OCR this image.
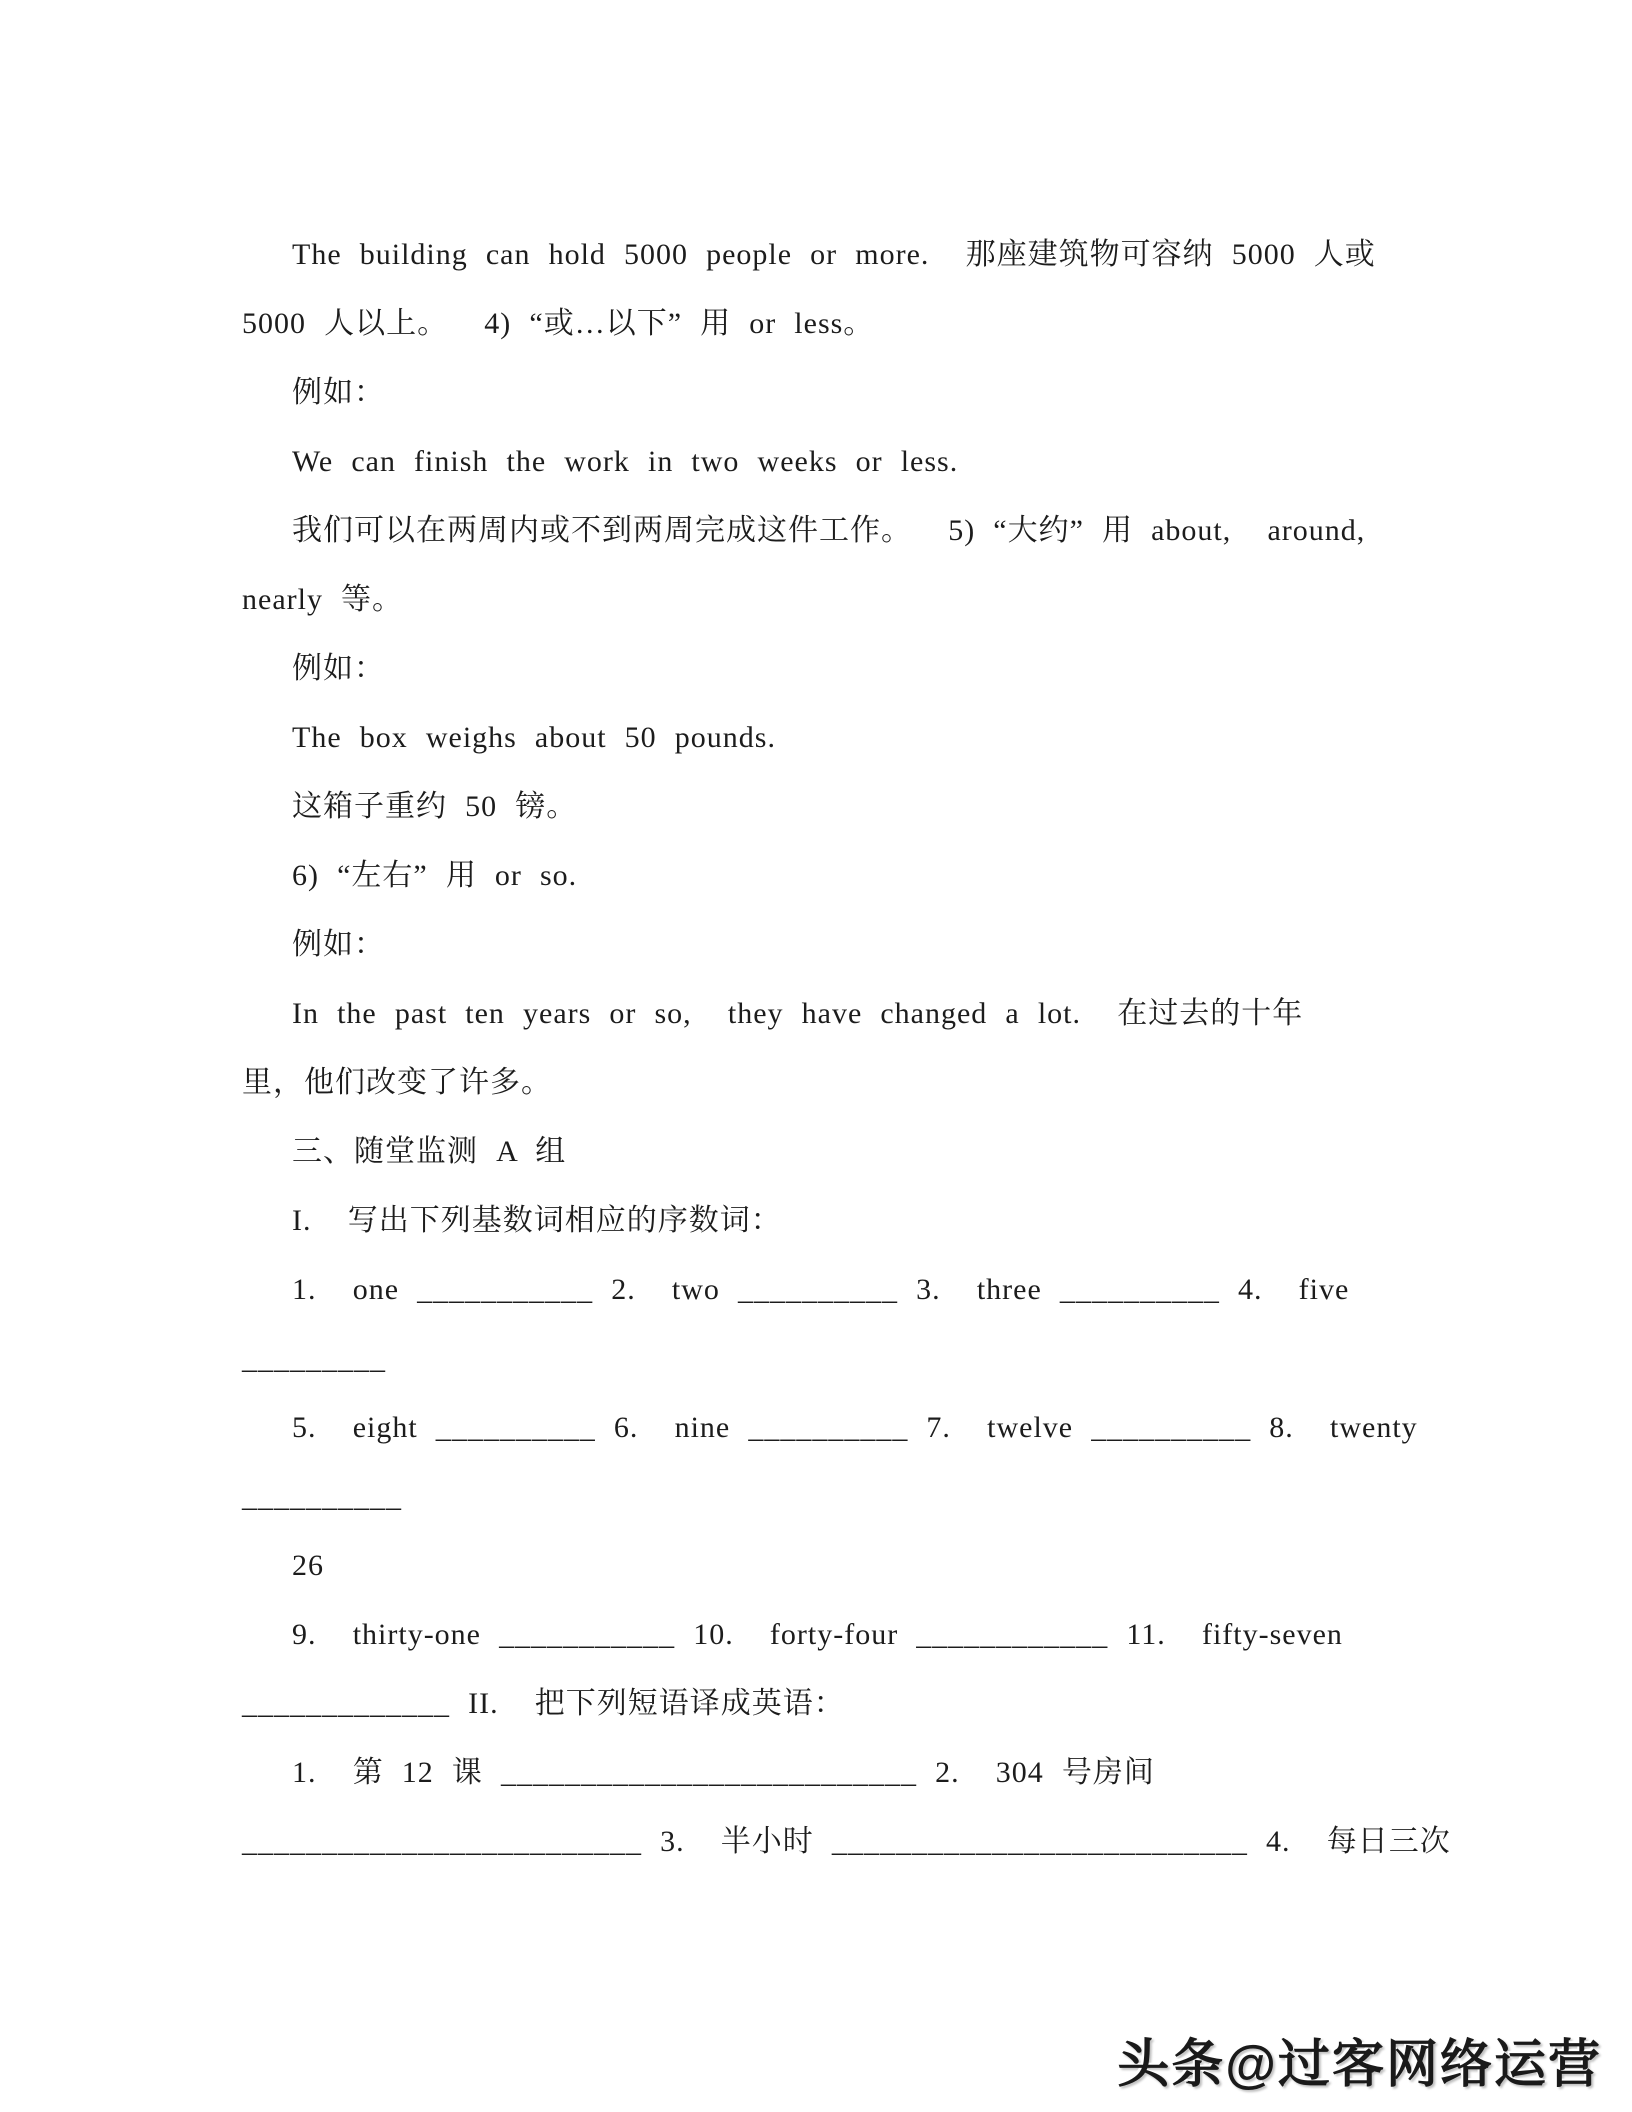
The building can hold 5000 people or more.  那座建筑物可容纳 5000 人或
5000 人以上。  4) “或…以下” 用 or less。
例如：
We can finish the work in two weeks or less.
我们可以在两周内或不到两周完成这件工作。  5) “大约” 用 about,  around,
nearly 等。
例如：
The box weighs about 50 pounds.
这箱子重约 50 镑。
6) “左右” 用 or so.
例如：
In the past ten years or so,  they have changed a lot.  在过去的十年
里，他们改变了许多。
三、随堂监测 A 组
I.  写出下列基数词相应的序数词：
1.  one ___________ 2.  two __________ 3.  three __________ 4.  five
_________
5.  eight __________ 6.  nine __________ 7.  twelve __________ 8.  twenty
__________
26
9.  thirty-one ___________ 10.  forty-four ____________ 11.  fifty-seven
_____________ II.  把下列短语译成英语：
1.  第 12 课 __________________________ 2.  304 号房间
_________________________ 3.  半小时 __________________________ 4.  每日三次
头条@过客网络运营
